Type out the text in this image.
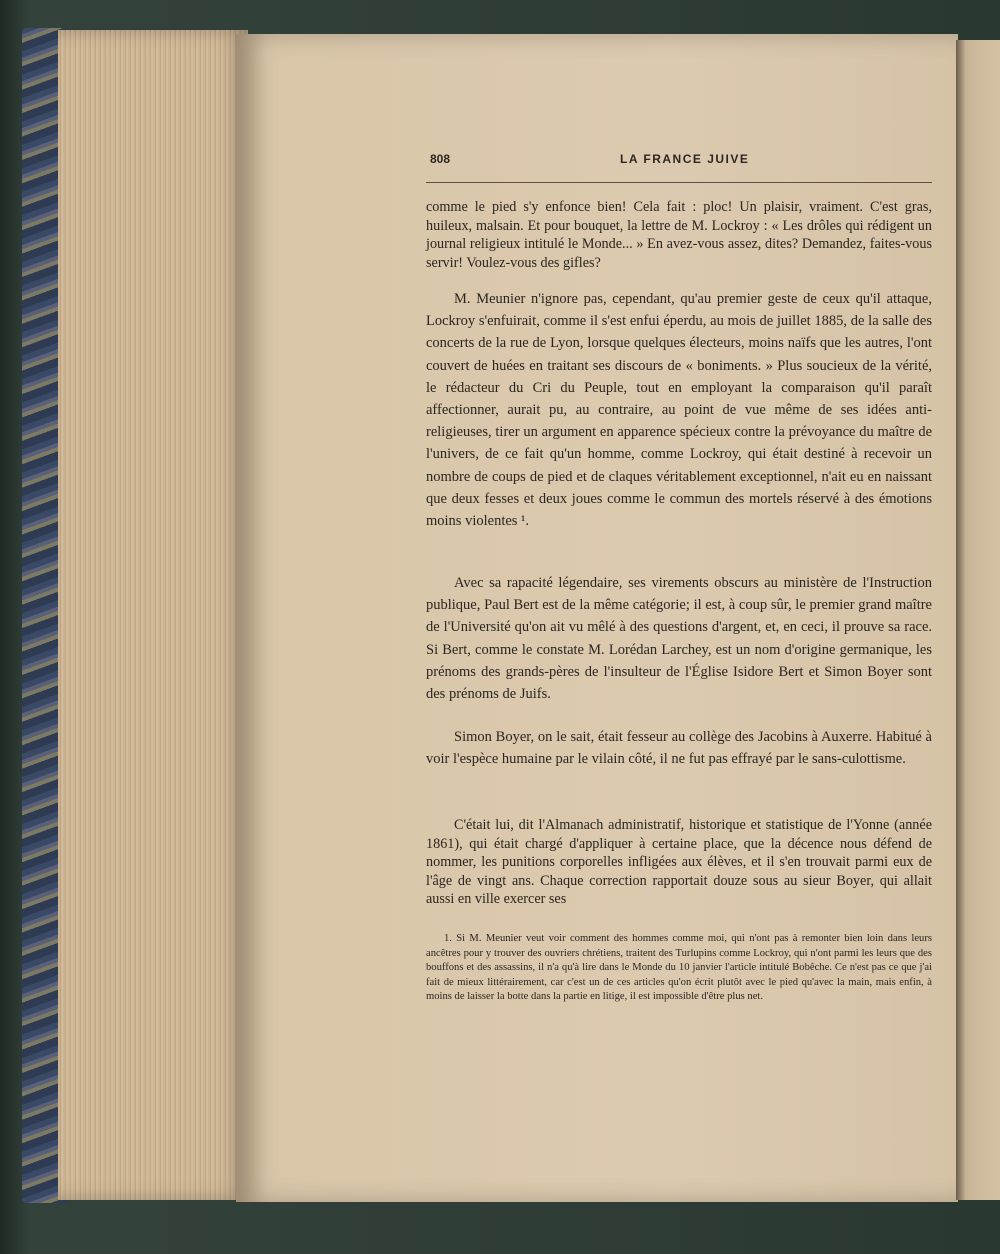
808	LA FRANCE JUIVE

comme le pied s'y enfonce bien! Cela fait : ploc! Un plaisir, vraiment. C'est gras, huileux, malsain. Et pour bouquet, la lettre de M. Lockroy : « Les drôles qui rédigent un journal religieux intitulé le Monde... » En avez-vous assez, dites? Demandez, faites-vous servir! Voulez-vous des gifles?

M. Meunier n'ignore pas, cependant, qu'au premier geste de ceux qu'il attaque, Lockroy s'enfuirait, comme il s'est enfui éperdu, au mois de juillet 1885, de la salle des concerts de la rue de Lyon, lorsque quelques électeurs, moins naïfs que les autres, l'ont couvert de huées en traitant ses discours de « boniments. » Plus soucieux de la vérité, le rédacteur du Cri du Peuple, tout en employant la comparaison qu'il paraît affectionner, aurait pu, au contraire, au point de vue même de ses idées anti-religieuses, tirer un argument en apparence spécieux contre la prévoyance du maître de l'univers, de ce fait qu'un homme, comme Lockroy, qui était destiné à recevoir un nombre de coups de pied et de claques véritablement exceptionnel, n'ait eu en naissant que deux fesses et deux joues comme le commun des mortels réservé à des émotions moins violentes ¹.

Avec sa rapacité légendaire, ses virements obscurs au ministère de l'Instruction publique, Paul Bert est de la même catégorie; il est, à coup sûr, le premier grand maître de l'Université qu'on ait vu mêlé à des questions d'argent, et, en ceci, il prouve sa race. Si Bert, comme le constate M. Lorédan Larchey, est un nom d'origine germanique, les prénoms des grands-pères de l'insulteur de l'Église Isidore Bert et Simon Boyer sont des prénoms de Juifs.

Simon Boyer, on le sait, était fesseur au collège des Jacobins à Auxerre. Habitué à voir l'espèce humaine par le vilain côté, il ne fut pas effrayé par le sans-culottisme.

C'était lui, dit l'Almanach administratif, historique et statistique de l'Yonne (année 1861), qui était chargé d'appliquer à certaine place, que la décence nous défend de nommer, les punitions corporelles infligées aux élèves, et il s'en trouvait parmi eux de l'âge de vingt ans. Chaque correction rapportait douze sous au sieur Boyer, qui allait aussi en ville exercer ses

1. Si M. Meunier veut voir comment des hommes comme moi, qui n'ont pas à remonter bien loin dans leurs ancêtres pour y trouver des ouvriers chrétiens, traitent des Turlupins comme Lockroy, qui n'ont parmi les leurs que des bouffons et des assassins, il n'a qu'à lire dans le Monde du 10 janvier l'article intitulé Bobêche. Ce n'est pas ce que j'ai fait de mieux littérairement, car c'est un de ces articles qu'on écrit plutôt avec le pied qu'avec la main, mais enfin, à moins de laisser la botte dans la partie en litige, il est impossible d'être plus net.
